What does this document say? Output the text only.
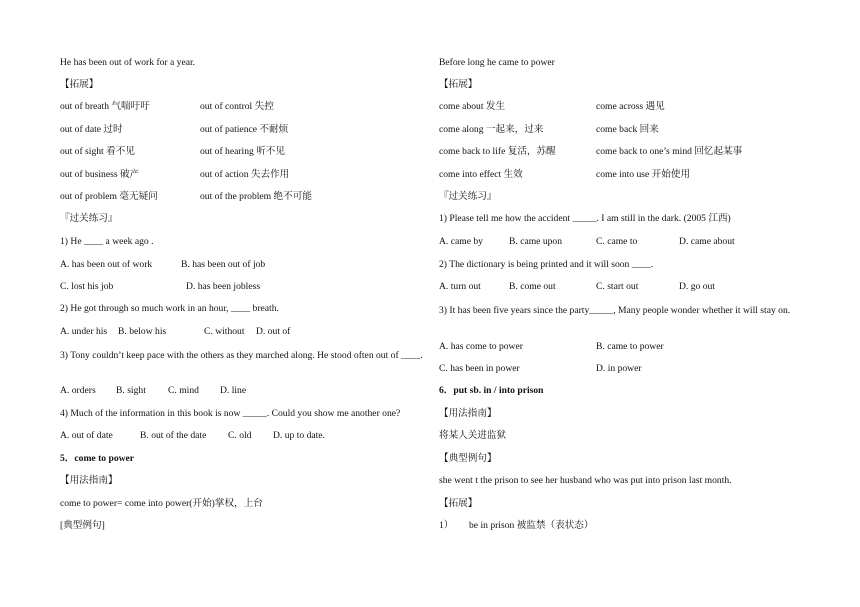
He has been out of work for a year.
【拓展】
out of breath 气喘吁吁	out of control 失控
out of date 过时	out of patience 不耐烦
out of sight 看不见	out of hearing 听不见
out of business 破产	out of action 失去作用
out of problem 毫无疑问	out of the problem 绝不可能
『过关练习』
1) He ____ a week ago .
A. has been out of work	B. has been out of job
C. lost his job	D. has been jobless
2) He got through so much work in an hour, ____ breath.
A. under his B. below his	C. without D. out of
3) Tony couldn’t keep pace with the others as they marched along. He stood often out of ____.
A. orders B. sight C. mind D. line
4) Much of the information in this book is now _____. Could you show me another one?
A. out of date	B. out of the date C. old D. up to date.
5．come to power
【用法指南】
come to power= come into power(开始)掌权，上台
[典型例句]
Before long he came to power
【拓展】
come about 发生	come across 遇见
come along 一起来，过来	come back 回来
come back to life 复活，苏醒	come back to one’s mind 回忆起某事
come into effect 生效	come into use 开始使用
『过关练习』
1) Please tell me how the accident _____. I am still in the dark. (2005 江西)
A. came by	B. came upon	C. came to	D. came about
2) The dictionary is being printed and it will soon ____.
A. turn out	B. come out	C. start out	D. go out
3) It has been five years since the party_____, Many people wonder whether it will stay on.
A. has come to power	B. came to power
C. has been in power	D. in power
6．put sb. in / into prison
【用法指南】
将某人关进监狱
【典型例句】
she went t the prison to see her husband who was put into prison last month.
【拓展】
1） be in prison 被监禁（表状态）
